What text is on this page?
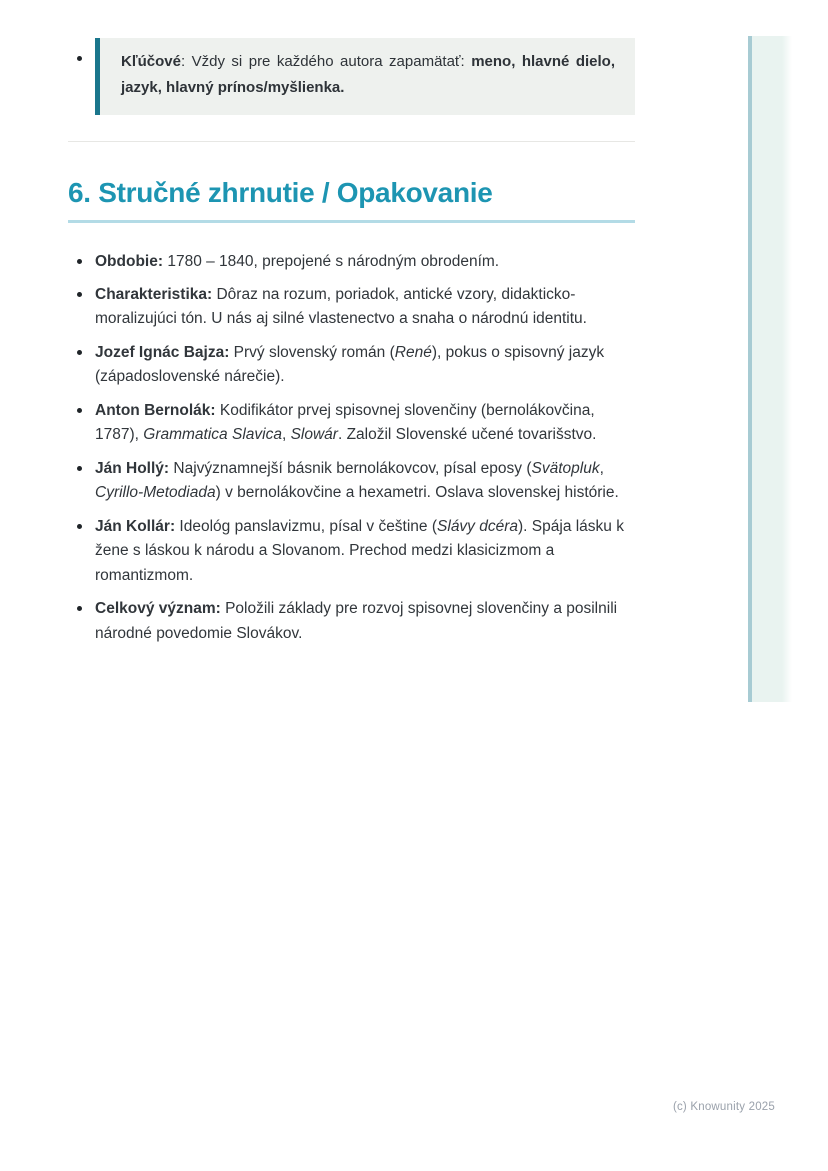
Kľúčové: Vždy si pre každého autora zapamätať: meno, hlavné dielo, jazyk, hlavný prínos/myšlienka.

6. Stručné zhrnutie / Opakovanie
Obdobie: 1780 – 1840, prepojené s národným obrodením.
Charakteristika: Dôraz na rozum, poriadok, antické vzory, didakticko-moralizujúci tón. U nás aj silné vlastenectvo a snaha o národnú identitu.
Jozef Ignác Bajza: Prvý slovenský román (René), pokus o spisovný jazyk (západoslovenské nárečie).
Anton Bernolák: Kodifikátor prvej spisovnej slovenčiny (bernolákovčina, 1787), Grammatica Slavica, Slowár. Založil Slovenské učené tovarišstvo.
Ján Hollý: Najvýznamnejší básnik bernolákovcov, písal eposy (Svätopluk, Cyrillo-Metodiada) v bernolákovčine a hexametri. Oslava slovenskej histórie.
Ján Kollár: Ideológ panslavizmu, písal v češtine (Slávy dcéra). Spája lásku k žene s láskou k národu a Slovanom. Prechod medzi klasicizmom a romantizmom.
Celkový význam: Položili základy pre rozvoj spisovnej slovenčiny a posilnili národné povedomie Slovákov.
(c) Knowunity 2025
